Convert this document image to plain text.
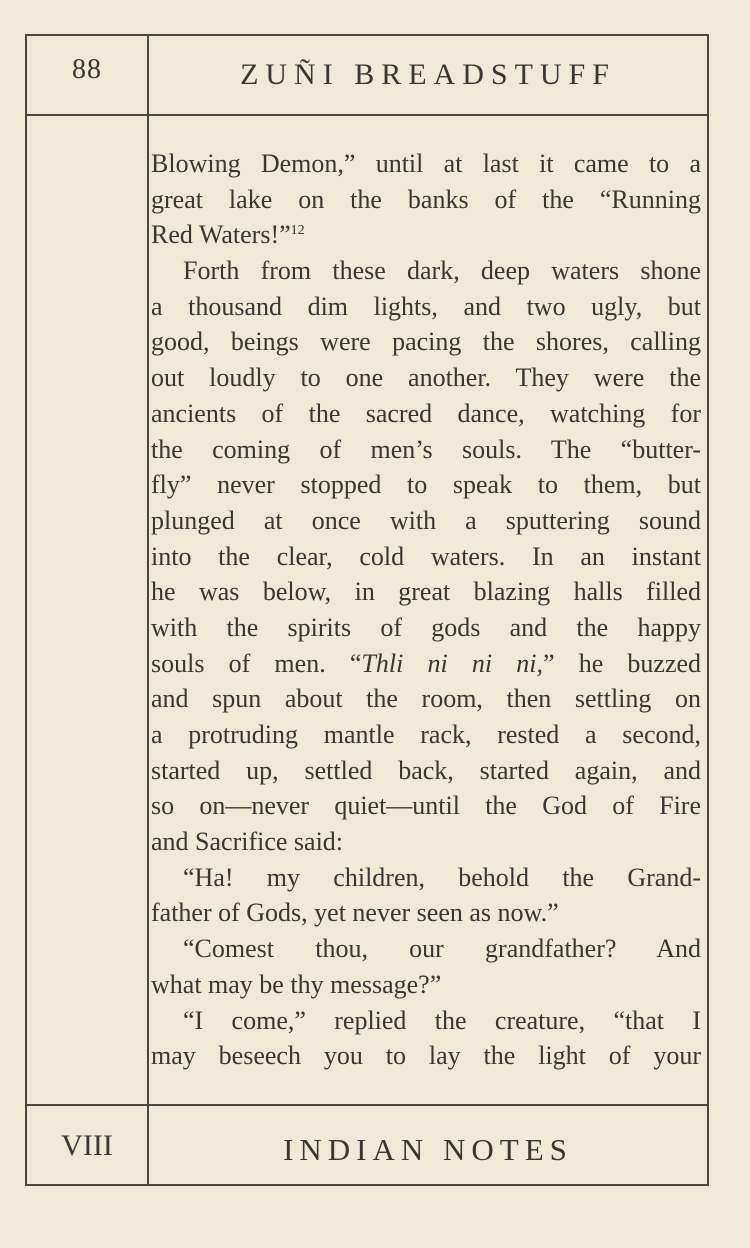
88	ZUÑI BREADSTUFF
Blowing Demon,” until at last it came to a
great lake on the banks of the “Running
Red Waters!”$^{12}$
Forth from these dark, deep waters shone
a thousand dim lights, and two ugly, but
good, beings were pacing the shores, calling
out loudly to one another. They were the
ancients of the sacred dance, watching for
the coming of men’s souls. The “butter-
fly” never stopped to speak to them, but
plunged at once with a sputtering sound
into the clear, cold waters. In an instant
he was below, in great blazing halls filled
with the spirits of gods and the happy
souls of men. “Thli ni ni ni,” he buzzed
and spun about the room, then settling on
a protruding mantle rack, rested a second,
started up, settled back, started again, and
so on—never quiet—until the God of Fire
and Sacrifice said:
“Ha! my children, behold the Grand-
father of Gods, yet never seen as now.”
“Comest thou, our grandfather? And
what may be thy message?”
“I come,” replied the creature, “that I
may beseech you to lay the light of your
VIII	INDIAN NOTES
